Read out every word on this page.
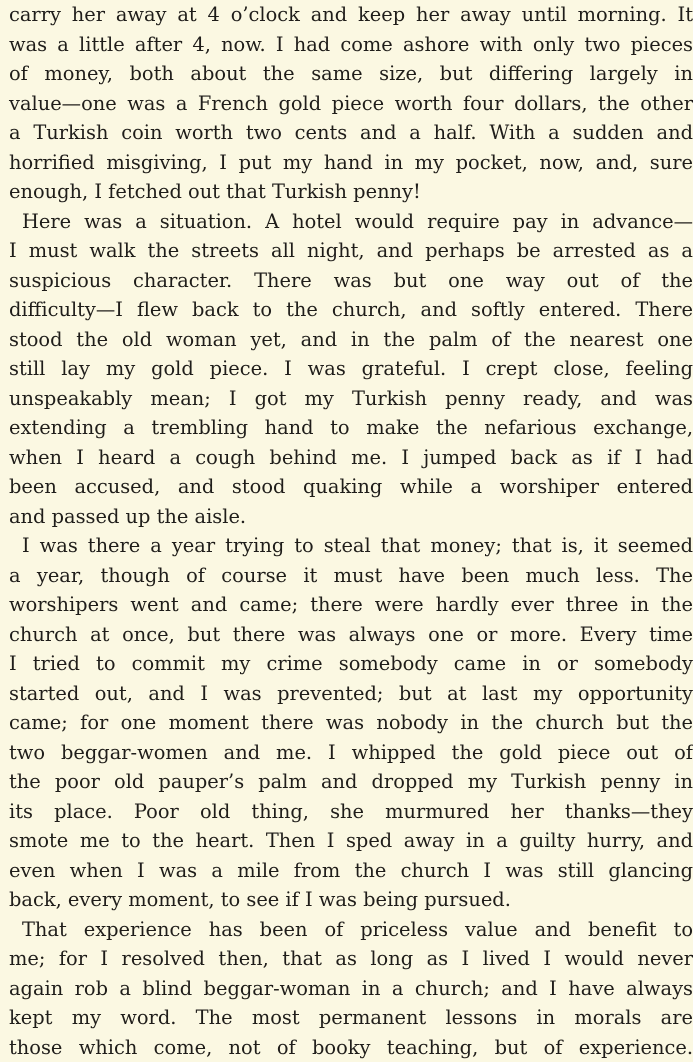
carry her away at 4 o’clock and keep her away until morning. It
was a little after 4, now. I had come ashore with only two pieces
of money, both about the same size, but differing largely in
value—one was a French gold piece worth four dollars, the other
a Turkish coin worth two cents and a half. With a sudden and
horrified misgiving, I put my hand in my pocket, now, and, sure
enough, I fetched out that Turkish penny!
Here was a situation. A hotel would require pay in advance—
I must walk the streets all night, and perhaps be arrested as a
suspicious character. There was but one way out of the
difficulty—I flew back to the church, and softly entered. There
stood the old woman yet, and in the palm of the nearest one
still lay my gold piece. I was grateful. I crept close, feeling
unspeakably mean; I got my Turkish penny ready, and was
extending a trembling hand to make the nefarious exchange,
when I heard a cough behind me. I jumped back as if I had
been accused, and stood quaking while a worshiper entered
and passed up the aisle.
I was there a year trying to steal that money; that is, it seemed
a year, though of course it must have been much less. The
worshipers went and came; there were hardly ever three in the
church at once, but there was always one or more. Every time
I tried to commit my crime somebody came in or somebody
started out, and I was prevented; but at last my opportunity
came; for one moment there was nobody in the church but the
two beggar-women and me. I whipped the gold piece out of
the poor old pauper’s palm and dropped my Turkish penny in
its place. Poor old thing, she murmured her thanks—they
smote me to the heart. Then I sped away in a guilty hurry, and
even when I was a mile from the church I was still glancing
back, every moment, to see if I was being pursued.
That experience has been of priceless value and benefit to
me; for I resolved then, that as long as I lived I would never
again rob a blind beggar-woman in a church; and I have always
kept my word. The most permanent lessons in morals are
those which come, not of booky teaching, but of experience.
